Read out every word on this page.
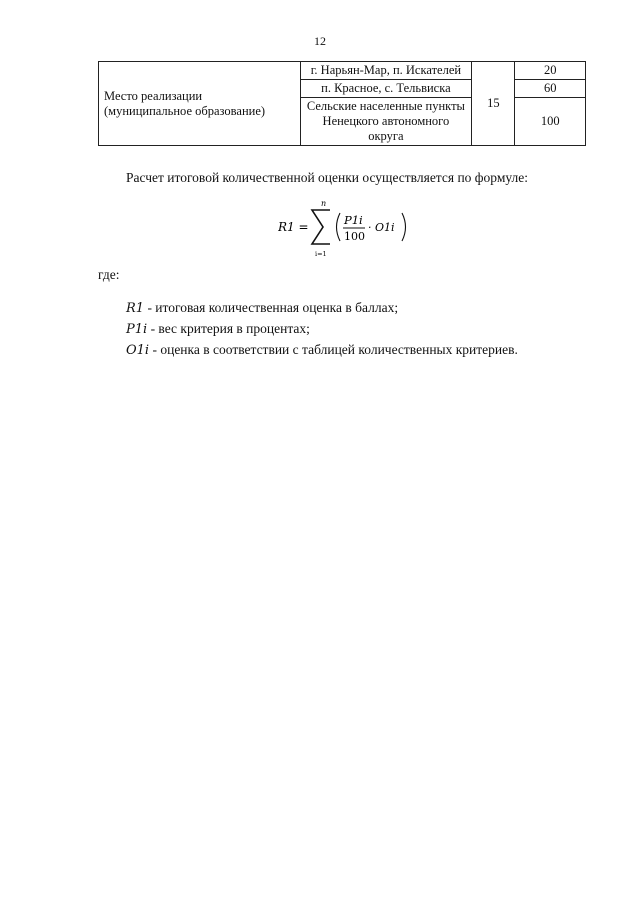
12
Место реализации
(муниципальное образование)	г. Нарьян-Мар, п. Искателей	15	20
	п. Красное, с. Тельвиска		60

	Сельские населенные пункты
Ненецкого автономного
округа		100
Расчет итоговой количественной оценки осуществляется по формуле:
R1 =
n
i=1
P1i
100
· O1i
где:
R1 - итоговая количественная оценка в баллах;
P1i - вес критерия в процентах;
O1i - оценка в соответствии с таблицей количественных критериев.
